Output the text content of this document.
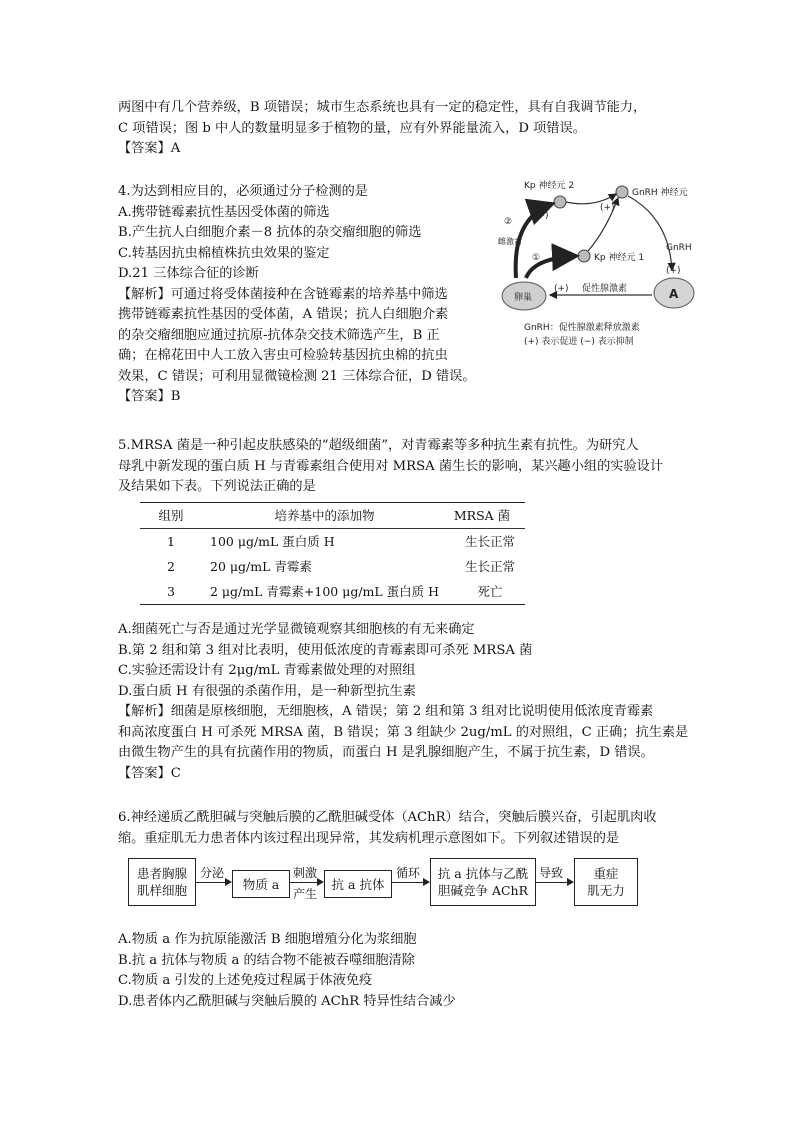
两图中有几个营养级，B 项错误；城市生态系统也具有一定的稳定性，具有自我调节能力，
C 项错误；图 b 中人的数量明显多于植物的量，应有外界能量流入，D 项错误。
【答案】A
4.为达到相应目的，必须通过分子检测的是
A.携带链霉素抗性基因受体菌的筛选
B.产生抗人白细胞介素－8 抗体的杂交瘤细胞的筛选
C.转基因抗虫棉植株抗虫效果的鉴定
D.21 三体综合征的诊断
【解析】可通过将受体菌接种在含链霉素的培养基中筛选
携带链霉素抗性基因的受体菌，A 错误；抗人白细胞介素
的杂交瘤细胞应通过抗原-抗体杂交技术筛选产生，B 正
确；在棉花田中人工放入害虫可检验转基因抗虫棉的抗虫
效果，C 错误；可利用显微镜检测 21 三体综合征，D 错误。
【答案】B
Kp 神经元 2
(+)
GnRH 神经元
(+)
GnRH
(+)
Kp 神经元 1
(−)
②
①
雌激素
卵巢	A
促性腺激素
(+)
GnRH：促性腺激素释放激素
(+) 表示促进 (−) 表示抑制
5.MRSA 菌是一种引起皮肤感染的“超级细菌”，对青霉素等多种抗生素有抗性。为研究人
母乳中新发现的蛋白质 H 与青霉素组合使用对 MRSA 菌生长的影响，某兴趣小组的实验设计
及结果如下表。下列说法正确的是
组别	培养基中的添加物	MRSA 菌
1	100 μg/mL 蛋白质 H	生长正常
2	20 μg/mL 青霉素	生长正常
3	2 μg/mL 青霉素+100 μg/mL 蛋白质 H	死亡
A.细菌死亡与否是通过光学显微镜观察其细胞核的有无来确定
B.第 2 组和第 3 组对比表明，使用低浓度的青霉素即可杀死 MRSA 菌
C.实验还需设计有 2μg/mL 青霉素做处理的对照组
D.蛋白质 H 有很强的杀菌作用，是一种新型抗生素
【解析】细菌是原核细胞，无细胞核，A 错误；第 2 组和第 3 组对比说明使用低浓度青霉素
和高浓度蛋白 H 可杀死 MRSA 菌，B 错误；第 3 组缺少 2ug/mL 的对照组，C 正确；抗生素是
由微生物产生的具有抗菌作用的物质，而蛋白 H 是乳腺细胞产生，不属于抗生素，D 错误。
【答案】C
6.神经递质乙酰胆碱与突触后膜的乙酰胆碱受体（AChR）结合，突触后膜兴奋，引起肌肉收
缩。重症肌无力患者体内该过程出现异常，其发病机理示意图如下。下列叙述错误的是
患者胸腺
肌样细胞
分泌
物质 a
刺激
产生
抗 a 抗体
循环 抗 a 抗体与乙酰
胆碱竞争 AChR
导致 重症
肌无力
A.物质 a 作为抗原能激活 B 细胞增殖分化为浆细胞
B.抗 a 抗体与物质 a 的结合物不能被吞噬细胞清除
C.物质 a 引发的上述免疫过程属于体液免疫
D.患者体内乙酰胆碱与突触后膜的 AChR 特异性结合减少
